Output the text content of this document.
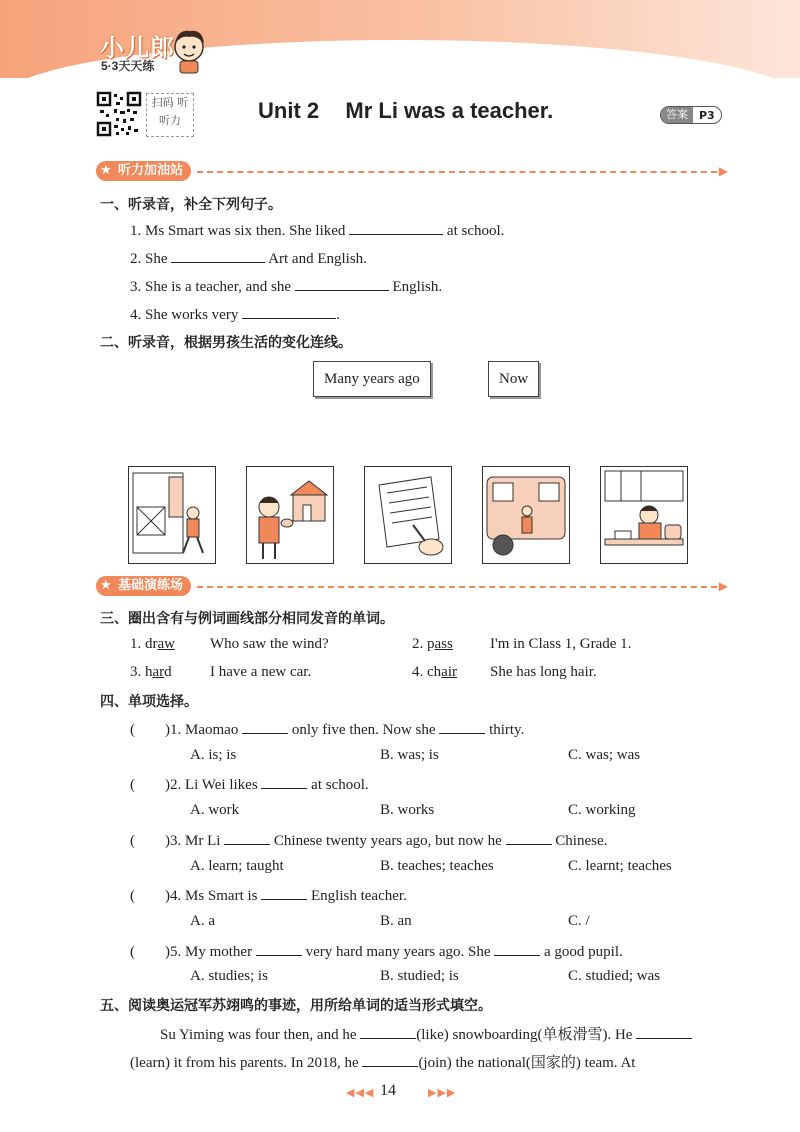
小儿郎
5·3天天练
扫码 听听力	Unit 2 Mr Li was a teacher.	答案	P3
★ 听力加油站	▶
一、听录音，补全下列句子。
1. Ms Smart was six then. She liked	at school.
2. She	Art and English.
3. She is a teacher, and she	English.
4. She works very	.
二、听录音，根据男孩生活的变化连线。
Many years ago	Now
★ 基础演练场	▶
三、圈出含有与例词画线部分相同发音的单词。
1. draw Who saw the wind?	2. pass I'm in Class 1, Grade 1.
3. hard	I have a new car.	4. chair She has long hair.
四、单项选择。
( )1. Maomao	only five then. Now she	thirty.
A. is; is	B. was; is	C. was; was
( )2. Li Wei likes	at school.
A. work	B. works	C. working
( )3. Mr Li	Chinese twenty years ago, but now he	Chinese.
A. learn; taught	B. teaches; teaches	C. learnt; teaches
( )4. Ms Smart is	English teacher.
A. a	B. an	C. /
( )5. My mother	very hard many years ago. She	a good pupil.
A. studies; is	B. studied; is	C. studied; was
五、阅读奥运冠军苏翊鸣的事迹，用所给单词的适当形式填空。
Su Yiming was four then, and he	(like) snowboarding(单板滑雪). He
(learn) it from his parents. In 2018, he	(join) the national(国家的) team. At
◀◀◀ 14	▶▶▶
